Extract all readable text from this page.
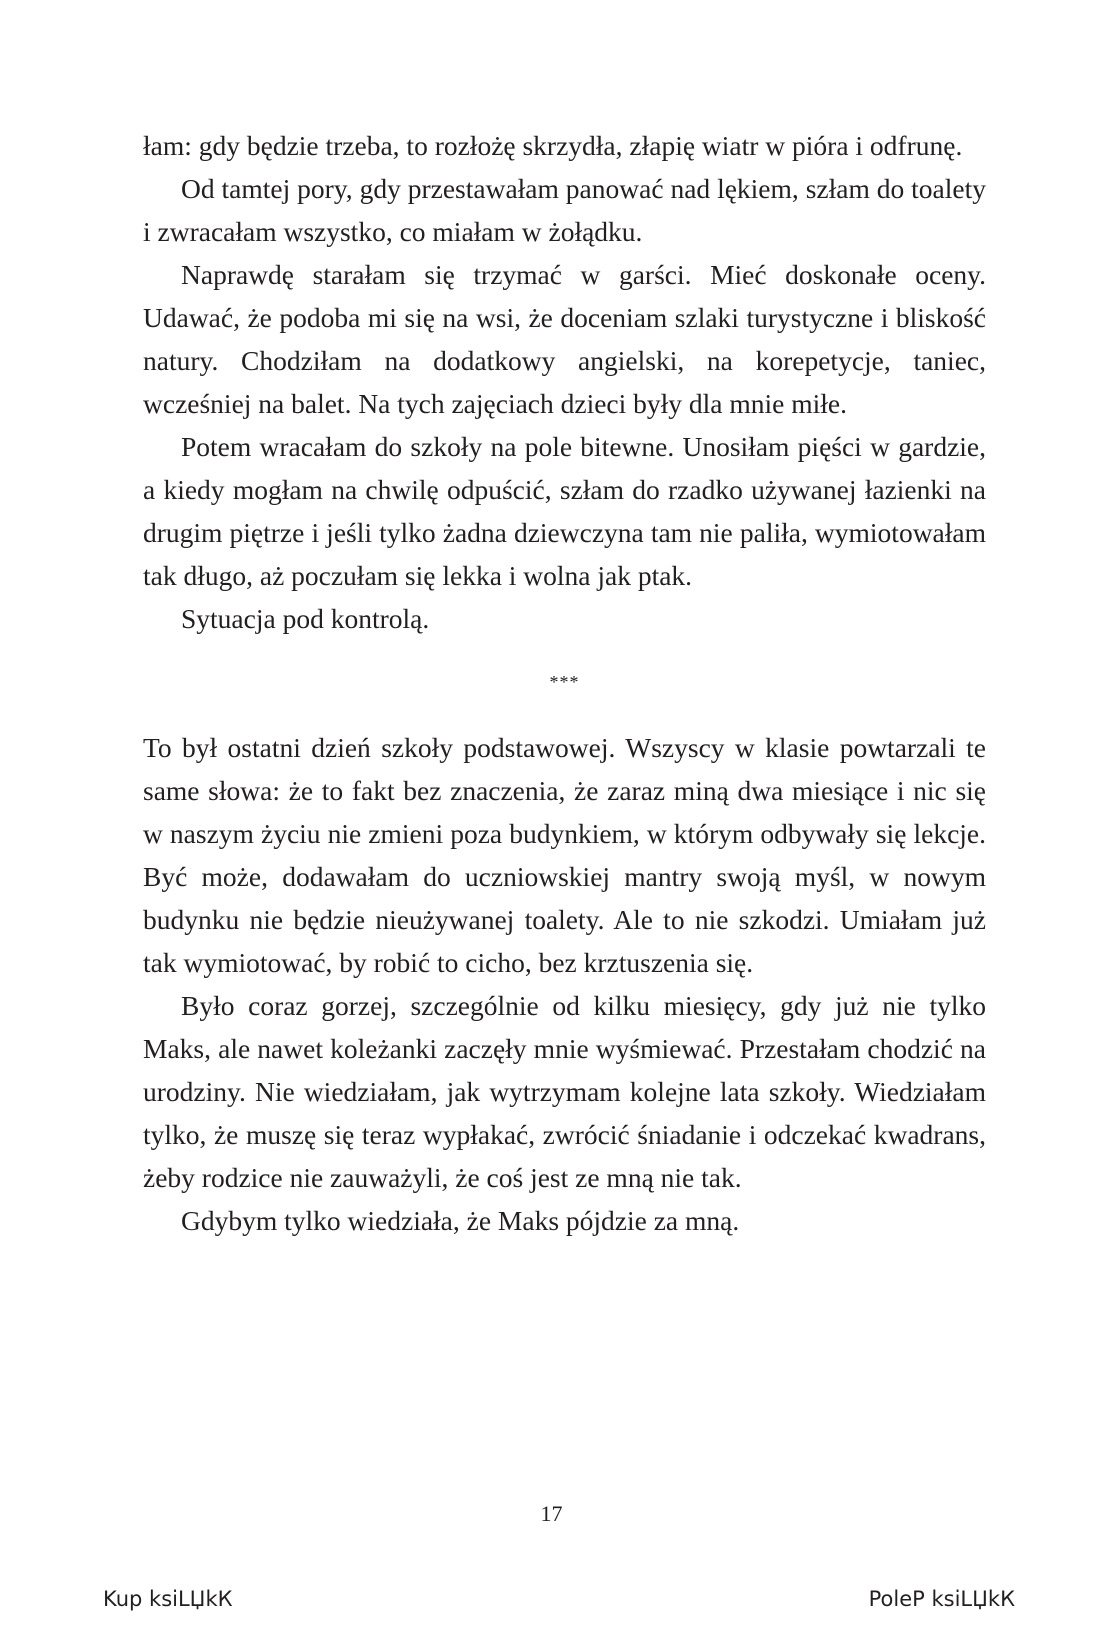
łam: gdy będzie trzeba, to rozłożę skrzydła, złapię wiatr w pióra i odfrunę.

Od tamtej pory, gdy przestawałam panować nad lękiem, szłam do toalety i zwracałam wszystko, co miałam w żołądku.

Naprawdę starałam się trzymać w garści. Mieć doskonałe oceny. Udawać, że podoba mi się na wsi, że doceniam szlaki turystyczne i bliskość natury. Chodziłam na dodatkowy angielski, na korepetycje, taniec, wcześniej na balet. Na tych zajęciach dzieci były dla mnie miłe.

Potem wracałam do szkoły na pole bitewne. Unosiłam pięści w gardzie, a kiedy mogłam na chwilę odpuścić, szłam do rzadko używanej łazienki na drugim piętrze i jeśli tylko żadna dziewczyna tam nie paliła, wymiotowałam tak długo, aż poczułam się lekka i wolna jak ptak.

Sytuacja pod kontrolą.

***

To był ostatni dzień szkoły podstawowej. Wszyscy w klasie powtarzali te same słowa: że to fakt bez znaczenia, że zaraz miną dwa miesiące i nic się w naszym życiu nie zmieni poza budynkiem, w którym odbywały się lekcje. Być może, dodawałam do uczniowskiej mantry swoją myśl, w nowym budynku nie będzie nieużywanej toalety. Ale to nie szkodzi. Umiałam już tak wymiotować, by robić to cicho, bez krztuszenia się.

Było coraz gorzej, szczególnie od kilku miesięcy, gdy już nie tylko Maks, ale nawet koleżanki zaczęły mnie wyśmiewać. Przestałam chodzić na urodziny. Nie wiedziałam, jak wytrzymam kolejne lata szkoły. Wiedziałam tylko, że muszę się teraz wypłakać, zwrócić śniadanie i odczekać kwadrans, żeby rodzice nie zauważyli, że coś jest ze mną nie tak.

Gdybym tylko wiedziała, że Maks pójdzie za mną.

17
Kup ksiLЏkК	PoleР ksiLЏkК
